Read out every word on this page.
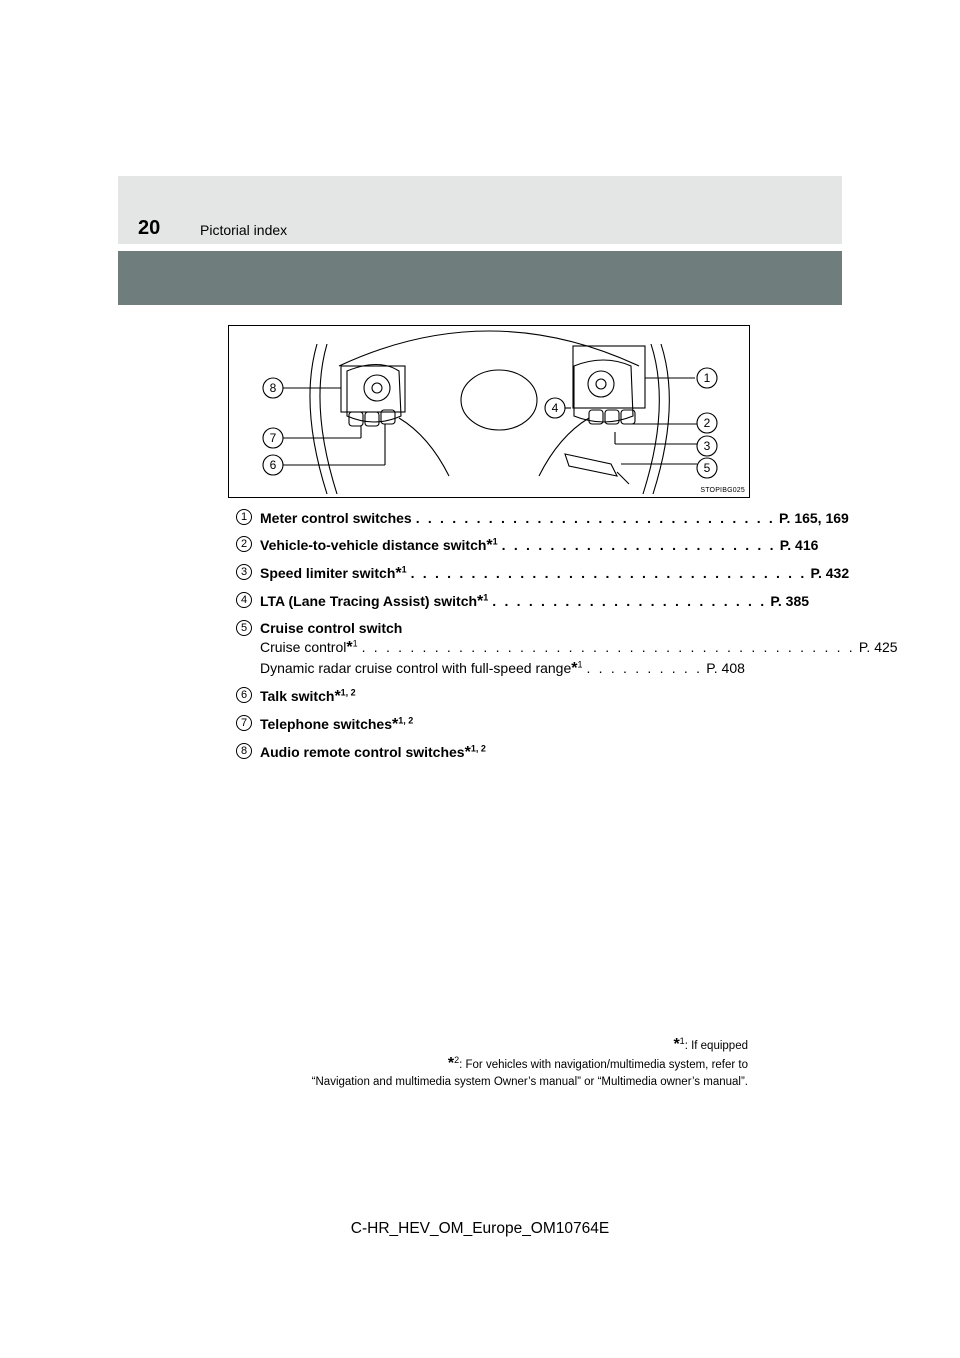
20	Pictorial index
8
1
2
3
5
4
7
6
STOPIBG025
1 Meter control switches . . . . . . . . . . . . . . . . . . . . . . . . . . . . . . P. 165, 169
2 Vehicle-to-vehicle distance switch*$^1$ . . . . . . . . . . . . . . . . . . . . . . . P. 416
3 Speed limiter switch*$^1$ . . . . . . . . . . . . . . . . . . . . . . . . . . . . . . . . . P. 432
4 LTA (Lane Tracing Assist) switch*$^1$ . . . . . . . . . . . . . . . . . . . . . . . P. 385
5 Cruise control switch
Cruise control*$^1$ . . . . . . . . . . . . . . . . . . . . . . . . . . . . . . . . . . . . . . . . . P. 425
Dynamic radar cruise control with full-speed range*$^1$ . . . . . . . . . . P. 408
6 Talk switch*$^{1, 2}$
7 Telephone switches*$^{1, 2}$
8 Audio remote control switches*$^{1, 2}$
*$^1$: If equipped
*$^2$: For vehicles with navigation/multimedia system, refer to
“Navigation and multimedia system Owner’s manual” or “Multimedia owner’s manual”.
C-HR_HEV_OM_Europe_OM10764E
